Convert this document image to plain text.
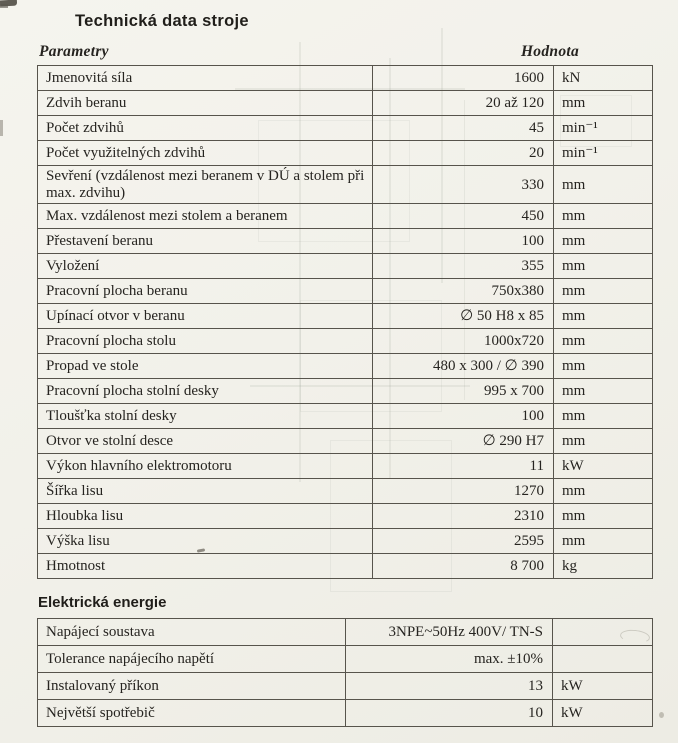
Technická data stroje
Parametry	Hodnota
Jmenovitá síla	1600	kN
Zdvih beranu	20 až 120	mm
Počet zdvihů	45	min⁻¹
Počet využitelných zdvihů	20	min⁻¹
Sevření (vzdálenost mezi beranem v DÚ a stolem při max. zdvihu)	330	mm
Max. vzdálenost mezi stolem a beranem	450	mm
Přestavení beranu	100	mm
Vyložení	355	mm
Pracovní plocha beranu	750x380	mm
Upínací otvor v beranu	∅ 50 H8 x 85	mm
Pracovní plocha stolu	1000x720	mm
Propad ve stole	480 x 300 / ∅ 390	mm
Pracovní plocha stolní desky	995 x 700	mm
Tloušťka stolní desky	100	mm
Otvor ve stolní desce	∅ 290 H7	mm
Výkon hlavního elektromotoru	11	kW
Šířka lisu	1270	mm
Hloubka lisu	2310	mm
Výška lisu	2595	mm
Hmotnost	8 700	kg
Elektrická energie
Napájecí soustava	3NPE~50Hz 400V/ TN-S	
Tolerance napájecího napětí	max. ±10%	
Instalovaný příkon	13	kW
Největší spotřebič	10	kW
